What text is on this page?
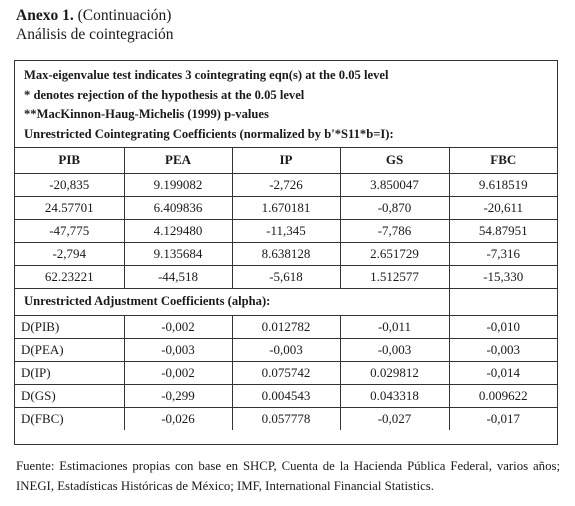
Anexo 1. (Continuación)
Análisis de cointegración
Max-eigenvalue test indicates 3 cointegrating eqn(s) at the 0.05 level
* denotes rejection of the hypothesis at the 0.05 level
**MacKinnon-Haug-Michelis (1999) p-values
Unrestricted Cointegrating Coefficients (normalized by b'*S11*b=I):
PIB	PEA	IP	GS	FBC
-20,835	9.199082	-2,726	3.850047	9.618519
24.57701	6.409836	1.670181	-0,870	-20,611
-47,775	4.129480	-11,345	-7,786	54.87951
-2,794	9.135684	8.638128	2.651729	-7,316
62.23221	-44,518	-5,618	1.512577	-15,330
Unrestricted Adjustment Coefficients (alpha):				
D(PIB)	-0,002	0.012782	-0,011	-0,010
D(PEA)	-0,003	-0,003	-0,003	-0,003
D(IP)	-0,002	0.075742	0.029812	-0,014
D(GS)	-0,299	0.004543	0.043318	0.009622
D(FBC)	-0,026	0.057778	-0,027	-0,017
Fuente: Estimaciones propias con base en SHCP, Cuenta de la Hacienda Pública Federal, varios años; INEGI, Estadísticas Históricas de México; IMF, International Financial Statistics.
